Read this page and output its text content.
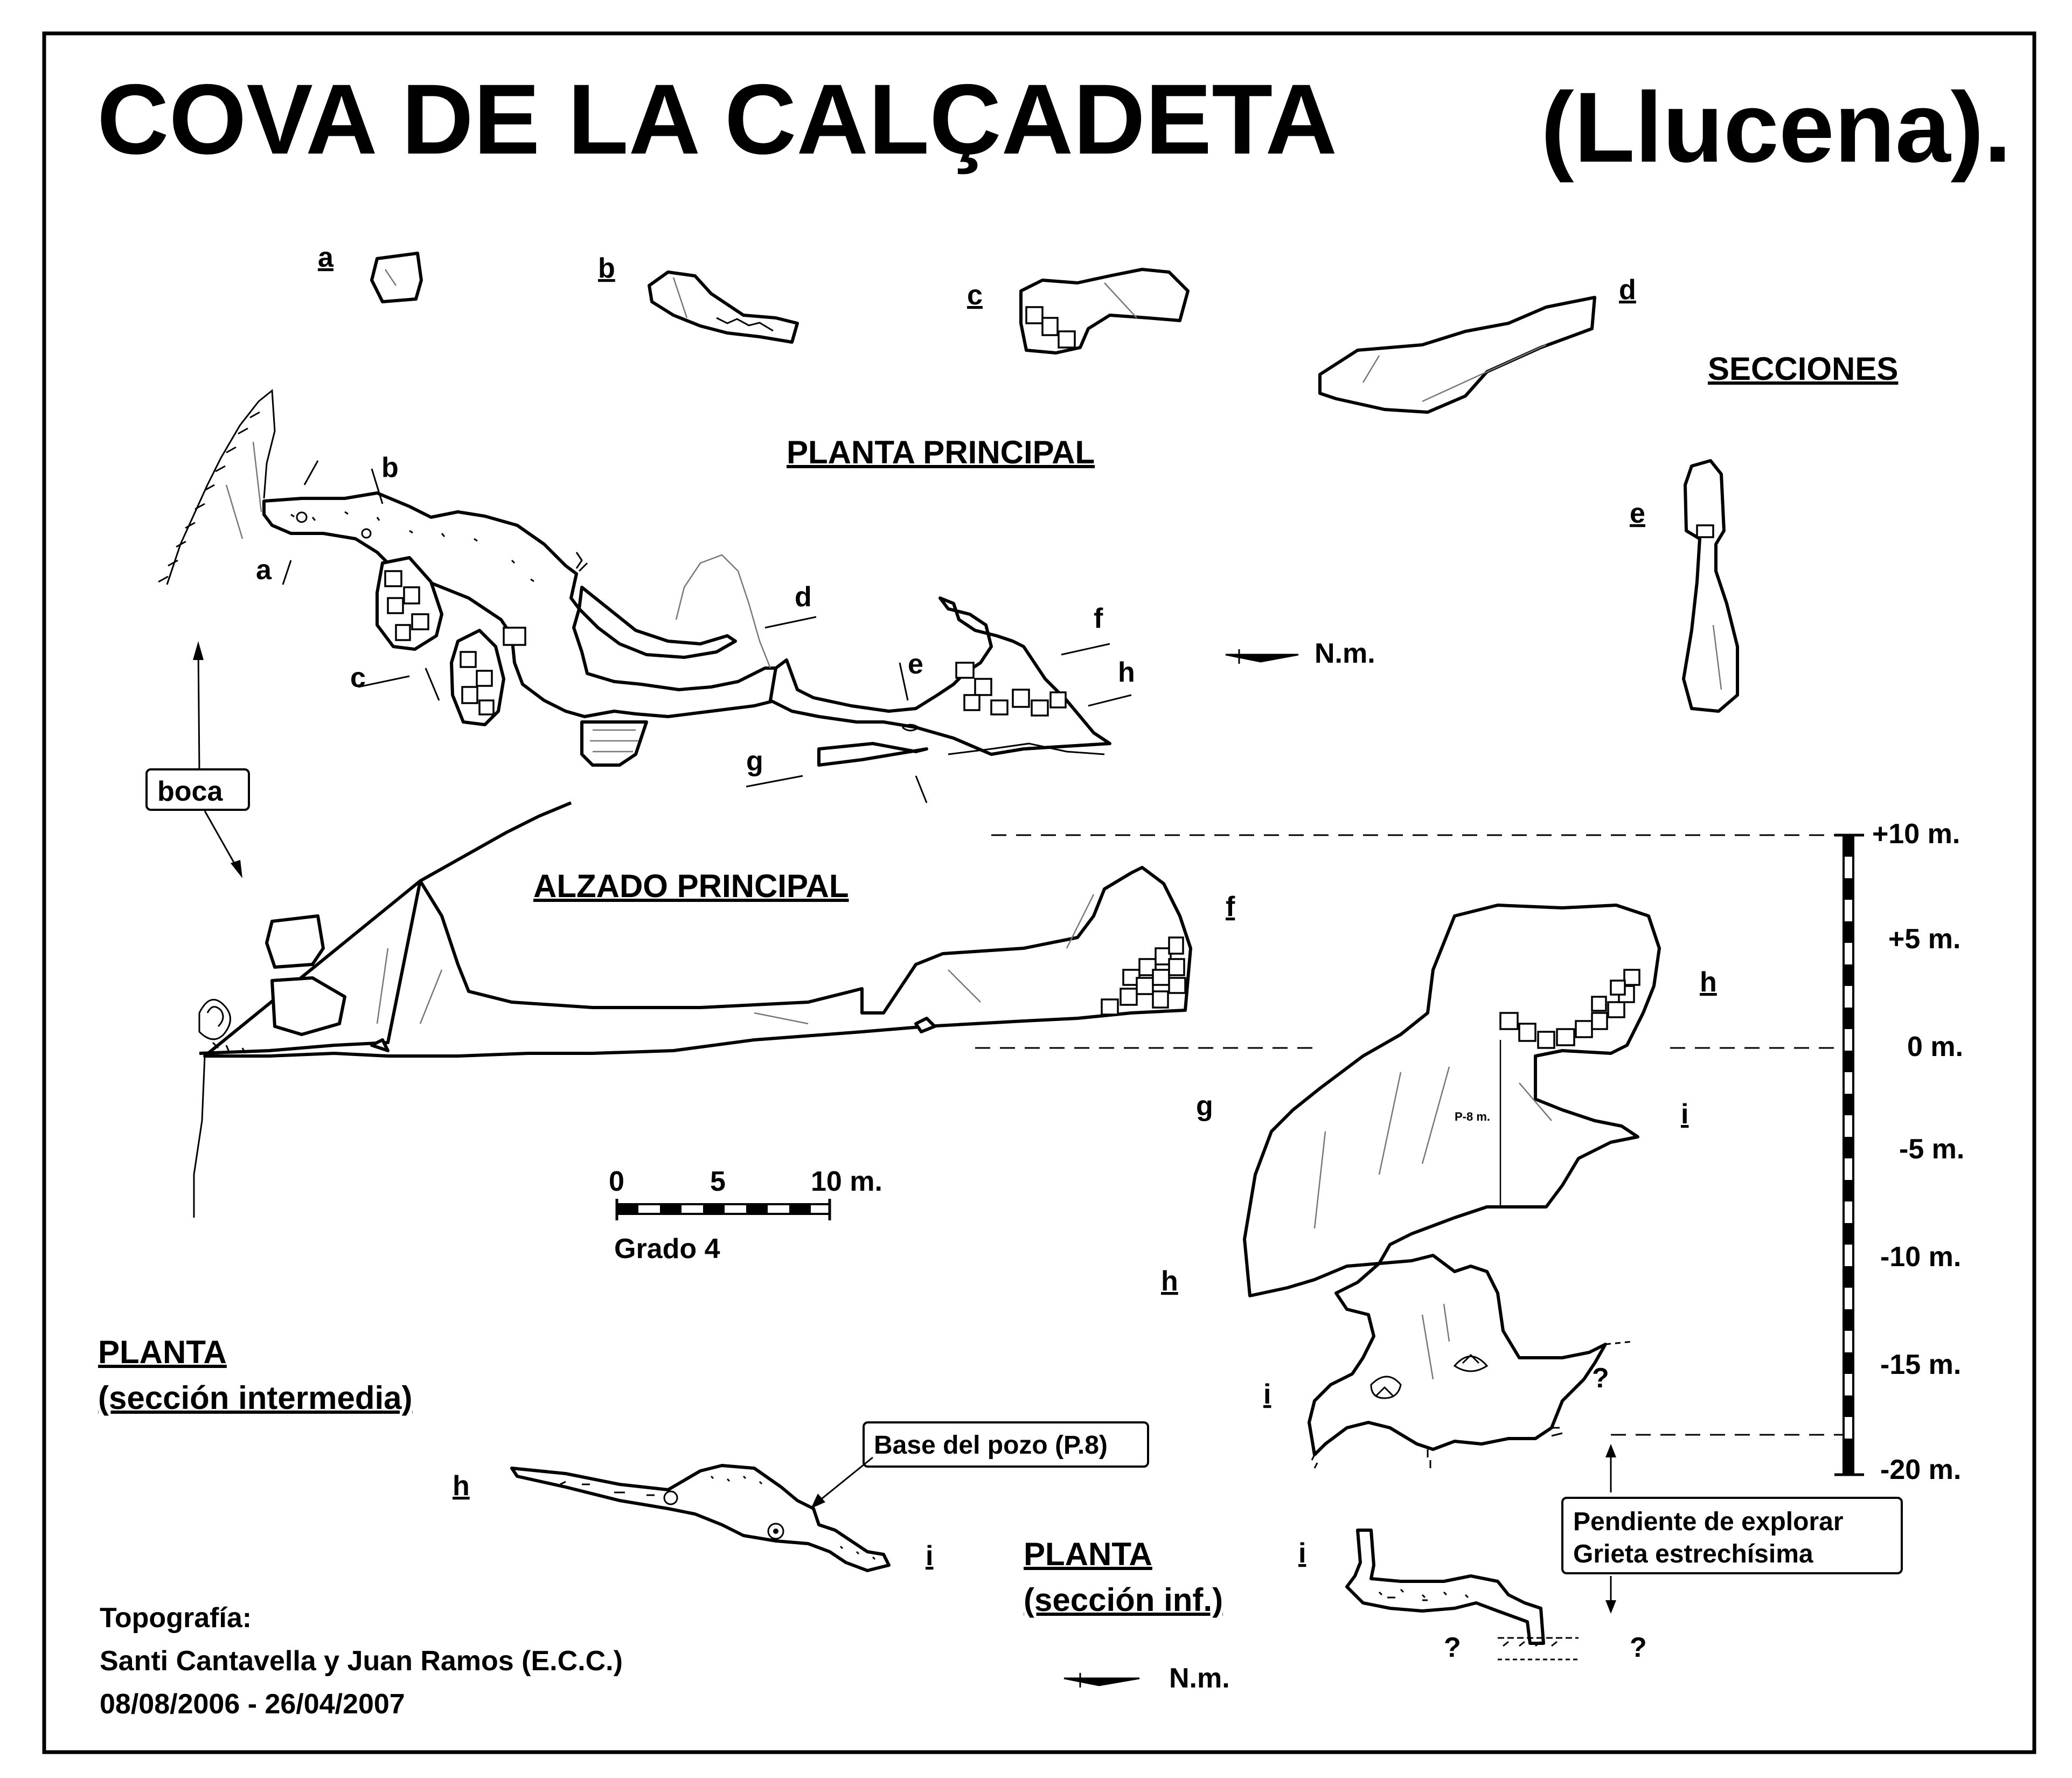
COVA DE LA CALÇADETA (Llucena).
a	b
c	d
SECCIONES
e
PLANTA PRINCIPAL
b
a
c
d
e
f
h
g
N.m.
boca
ALZADO PRINCIPAL
f
P-8 m.
h
g	i
h
i
?
+10 m.
+5 m.
0 m.
-5 m.
-10 m.
-15 m.
-20 m.
0	5	10 m.
Grado 4
PLANTA
(sección intermedia)
h
i
Base del pozo (P.8)
PLANTA
(sección inf.)
i
?	?
Pendiente de explorar
Grieta estrechísima
N.m.
Topografía:
Santi Cantavella y Juan Ramos (E.C.C.)
08/08/2006 - 26/04/2007
